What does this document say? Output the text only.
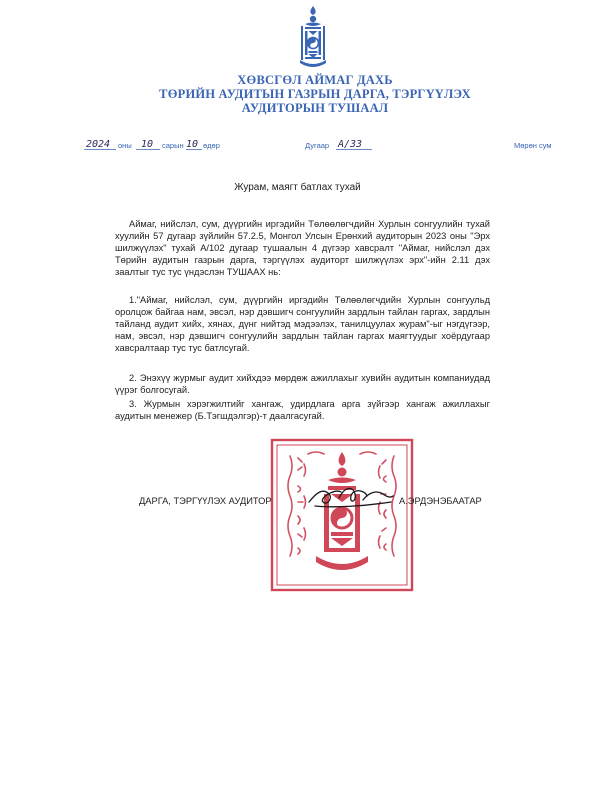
ХӨВСГӨЛ АЙМАГ ДАХЬ
ТӨРИЙН АУДИТЫН ГАЗРЫН ДАРГА, ТЭРГҮҮЛЭХ
АУДИТОРЫН ТУШААЛ
2024 оны 10 сарын 10 өдөр	Дугаар A/33	Мөрөн сум
Журам, маягт батлах тухай

Аймаг, нийслэл, сум, дүүргийн иргэдийн Төлөөлөгчдийн Хурлын сонгуулийн тухай хуулийн 57 дугаар зүйлийн 57.2.5, Монгол Улсын Ерөнхий аудиторын 2023 оны "Эрх шилжүүлэх" тухай А/102 дугаар тушаалын 4 дүгээр хавсралт "Аймаг, нийслэл дэх Төрийн аудитын газрын дарга, тэргүүлэх аудиторт шилжүүлэх эрх"-ийн 2.11 дэх заалтыг тус тус үндэслэн ТУШААХ нь:

1."Аймаг, нийслэл, сум, дүүргийн иргэдийн Төлөөлөгчдийн Хурлын сонгуульд оролцож байгаа нам, эвсэл, нэр дэвшигч сонгуулийн зардлын тайлан гаргах, зардлын тайланд аудит хийх, хянах, дүнг нийтэд мэдээлэх, танилцуулах журам"-ыг нэгдүгээр, нам, эвсэл, нэр дэвшигч сонгуулийн зардлын тайлан гаргах маягтуудыг хоёрдугаар хавсралтаар тус тус батлсугай.

2. Энэхүү журмыг аудит хийхдээ мөрдөж ажиллахыг хувийн аудитын компаниудад үүрэг болгосугай.

3. Журмын хэрэгжилтийг хангаж, удирдлага арга зүйгээр хангаж ажиллахыг аудитын менежер (Б.Тэгшдэлгэр)-т даалгасугай.

ДАРГА, ТЭРГҮҮЛЭХ АУДИТОР	А.ЭРДЭНЭБААТАР
